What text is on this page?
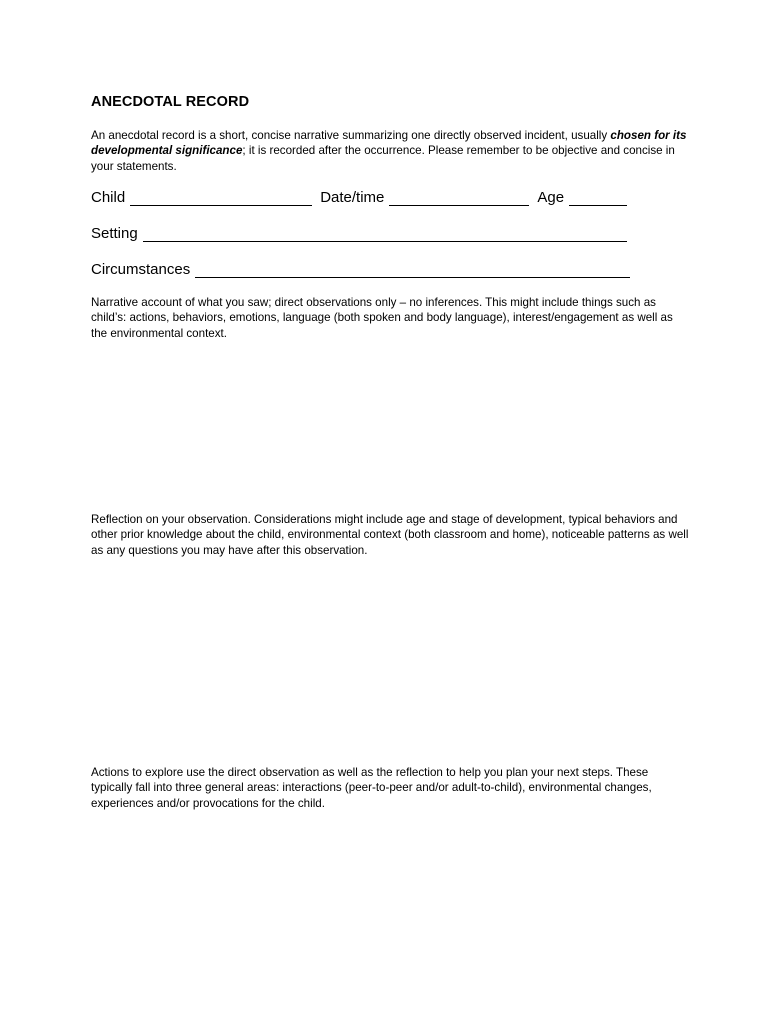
ANECDOTAL RECORD
An anecdotal record is a short, concise narrative summarizing one directly observed incident, usually chosen for its developmental significance; it is recorded after the occurrence. Please remember to be objective and concise in your statements.
Child	Date/time	Age
Setting
Circumstances
Narrative account of what you saw; direct observations only – no inferences. This might include things such as child’s: actions, behaviors, emotions, language (both spoken and body language), interest/engagement as well as the environmental context.
Reflection on your observation. Considerations might include age and stage of development, typical behaviors and other prior knowledge about the child, environmental context (both classroom and home), noticeable patterns as well as any questions you may have after this observation.
Actions to explore use the direct observation as well as the reflection to help you plan your next steps. These typically fall into three general areas: interactions (peer-to-peer and/or adult-to-child), environmental changes, experiences and/or provocations for the child.
